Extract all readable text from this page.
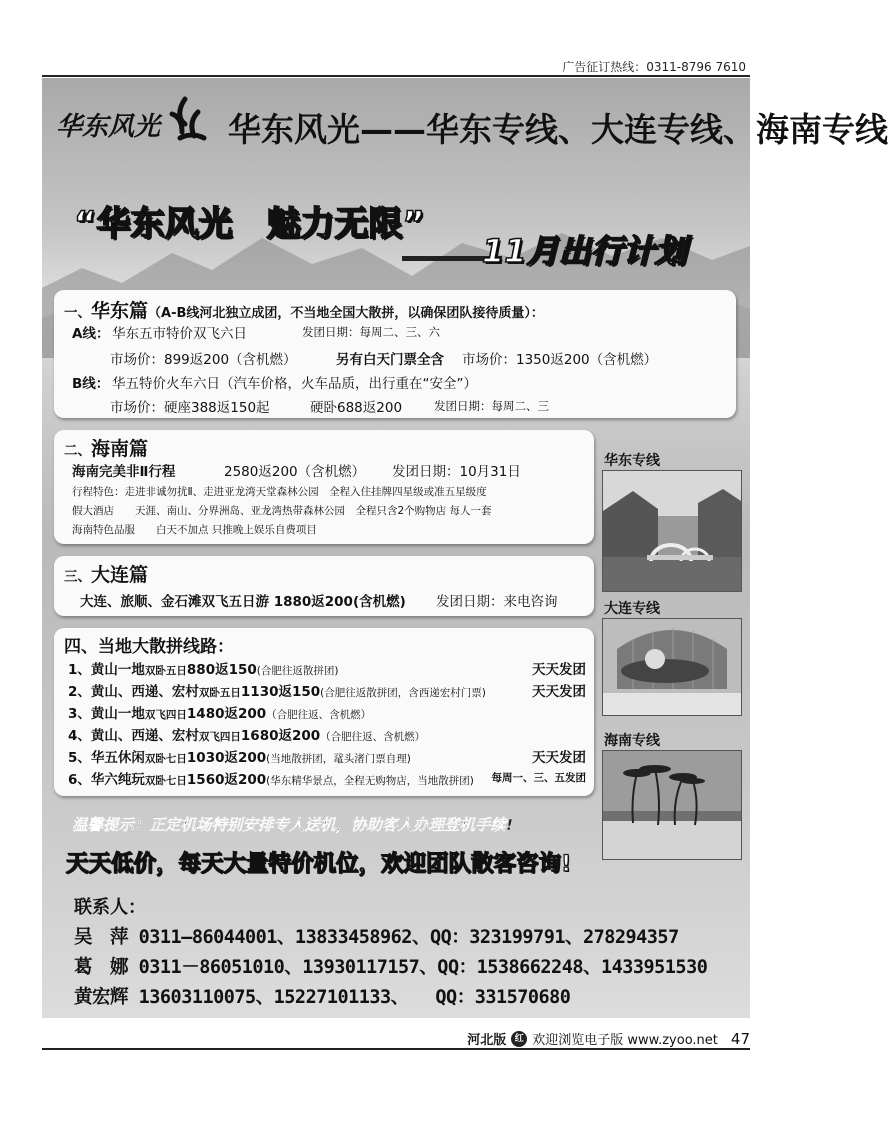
广告征订热线：0311-8796 7610
华东风光 华东风光——华东专线、大连专线、海南专线
“华东风光　魅力无限”
11月出行计划
一、华东篇（A-B线河北独立成团，不当地全国大散拼，以确保团队接待质量）：
A线： 华东五市特价双飞六日	发团日期：每周二、三、六
市场价：899返200（含机燃）	另有白天门票全含 市场价：1350返200（含机燃）
B线： 华五特价火车六日（汽车价格，火车品质，出行重在“安全”）
市场价：硬座388返150起	硬卧688返200	发团日期：每周二、三
二、海南篇
海南完美非Ⅱ行程	2580返200（含机燃） 发团日期：10月31日
行程特色：走进非诚勿扰Ⅱ、走进亚龙湾天堂森林公园　全程入住挂牌四星级或准五星级度
假大酒店　　天涯、南山、分界洲岛、亚龙湾热带森林公园　全程只含2个购物店 每人一套
海南特色品服　　白天不加点 只推晚上娱乐自费项目
三、大连篇
大连、旅顺、金石滩双飞五日游 1880返200(含机燃) 发团日期：来电咨询
四、当地大散拼线路：
1、黄山一地双卧五日880返150(合肥往返散拼团)	天天发团
2、黄山、西递、宏村双卧五日1130返150(合肥往返散拼团，含西递宏村门票)	天天发团
3、黄山一地双飞四日1480返200（合肥往返、含机燃）
4、黄山、西递、宏村双飞四日1680返200（合肥往返、含机燃）
5、华五休闲双卧七日1030返200(当地散拼团，鼋头渚门票自理)	天天发团
6、华六纯玩双卧七日1560返200(华东精华景点，全程无购物店，当地散拼团) 每周一、三、五发团
温馨提示：正定机场特别安排专人送机，协助客人办理登机手续!
天天低价，每天大量特价机位，欢迎团队散客咨询!
联系人：
吴　萍 0311—86044001、13833458962、QQ：323199791、278294357
葛　娜 0311－86051010、13930117157、QQ：1538662248、1433951530
黄宏辉 13603110075、15227101133、　　QQ：331570680
华东专线
大连专线
海南专线
河北版 红 欢迎浏览电子版 www.zyoo.net 47
